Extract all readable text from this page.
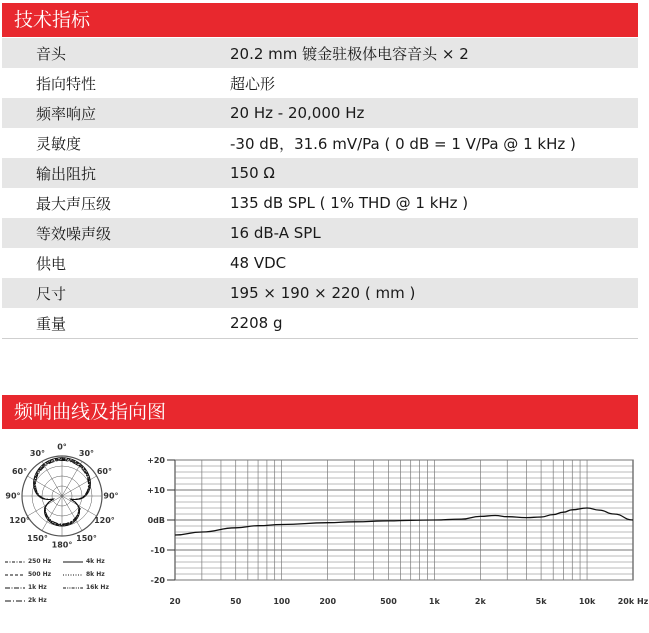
技术指标
音头	20.2 mm 镀金驻极体电容音头 × 2
指向特性	超心形
频率响应	20 Hz - 20,000 Hz
灵敏度	-30 dB，31.6 mV/Pa ( 0 dB = 1 V/Pa @ 1 kHz )
输出阻抗	150 Ω
最大声压级	135 dB SPL ( 1% THD @ 1 kHz )
等效噪声级	16 dB-A SPL
供电	48 VDC
尺寸	195 × 190 × 220 ( mm )
重量	2208 g
频响曲线及指向图
0°
30°
30°
60°
60°
90°
90°
120°
120°
150°
150°
180°
250 Hz	4k Hz
500 Hz	8k Hz
1k Hz	16k Hz
2k Hz
+20
+10
0dB
-10
-20
20	50	100	200	500	1k	2k	5k	10k	20k Hz
